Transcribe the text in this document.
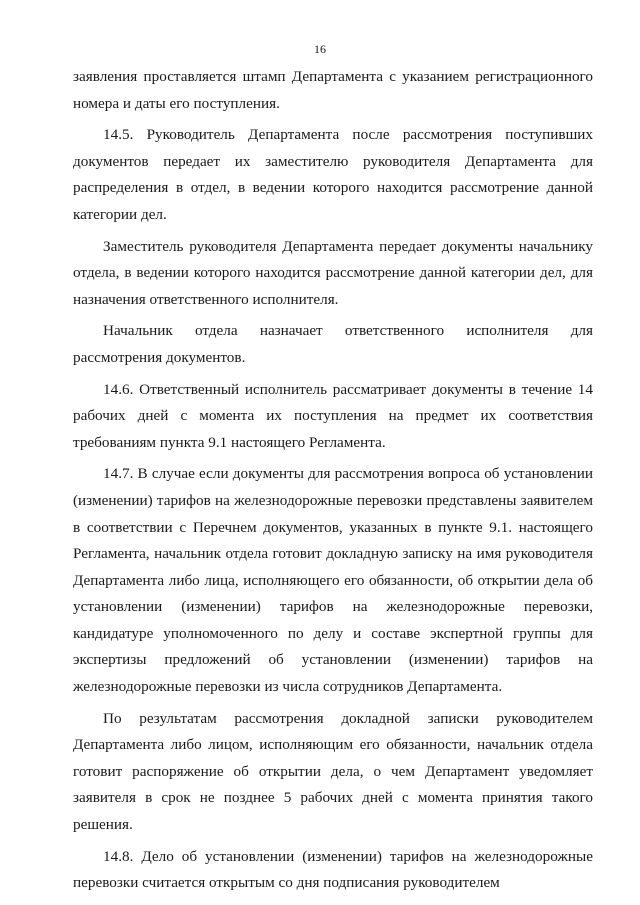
16

заявления проставляется штамп Департамента с указанием регистрационного номера и даты его поступления.

14.5. Руководитель Департамента после рассмотрения поступивших документов передает их заместителю руководителя Департамента для распределения в отдел, в ведении которого находится рассмотрение данной категории дел.

Заместитель руководителя Департамента передает документы начальнику отдела, в ведении которого находится рассмотрение данной категории дел, для назначения ответственного исполнителя.

Начальник отдела назначает ответственного исполнителя для рассмотрения документов.

14.6. Ответственный исполнитель рассматривает документы в течение 14 рабочих дней с момента их поступления на предмет их соответствия требованиям пункта 9.1 настоящего Регламента.

14.7. В случае если документы для рассмотрения вопроса об установлении (изменении) тарифов на железнодорожные перевозки представлены заявителем в соответствии с Перечнем документов, указанных в пункте 9.1. настоящего Регламента, начальник отдела готовит докладную записку на имя руководителя Департамента либо лица, исполняющего его обязанности, об открытии дела об установлении (изменении) тарифов на железнодорожные перевозки, кандидатуре уполномоченного по делу и составе экспертной группы для экспертизы предложений об установлении (изменении) тарифов на железнодорожные перевозки из числа сотрудников Департамента.

По результатам рассмотрения докладной записки руководителем Департамента либо лицом, исполняющим его обязанности, начальник отдела готовит распоряжение об открытии дела, о чем Департамент уведомляет заявителя в срок не позднее 5 рабочих дней с момента принятия такого решения.

14.8. Дело об установлении (изменении) тарифов на железнодорожные перевозки считается открытым со дня подписания руководителем
